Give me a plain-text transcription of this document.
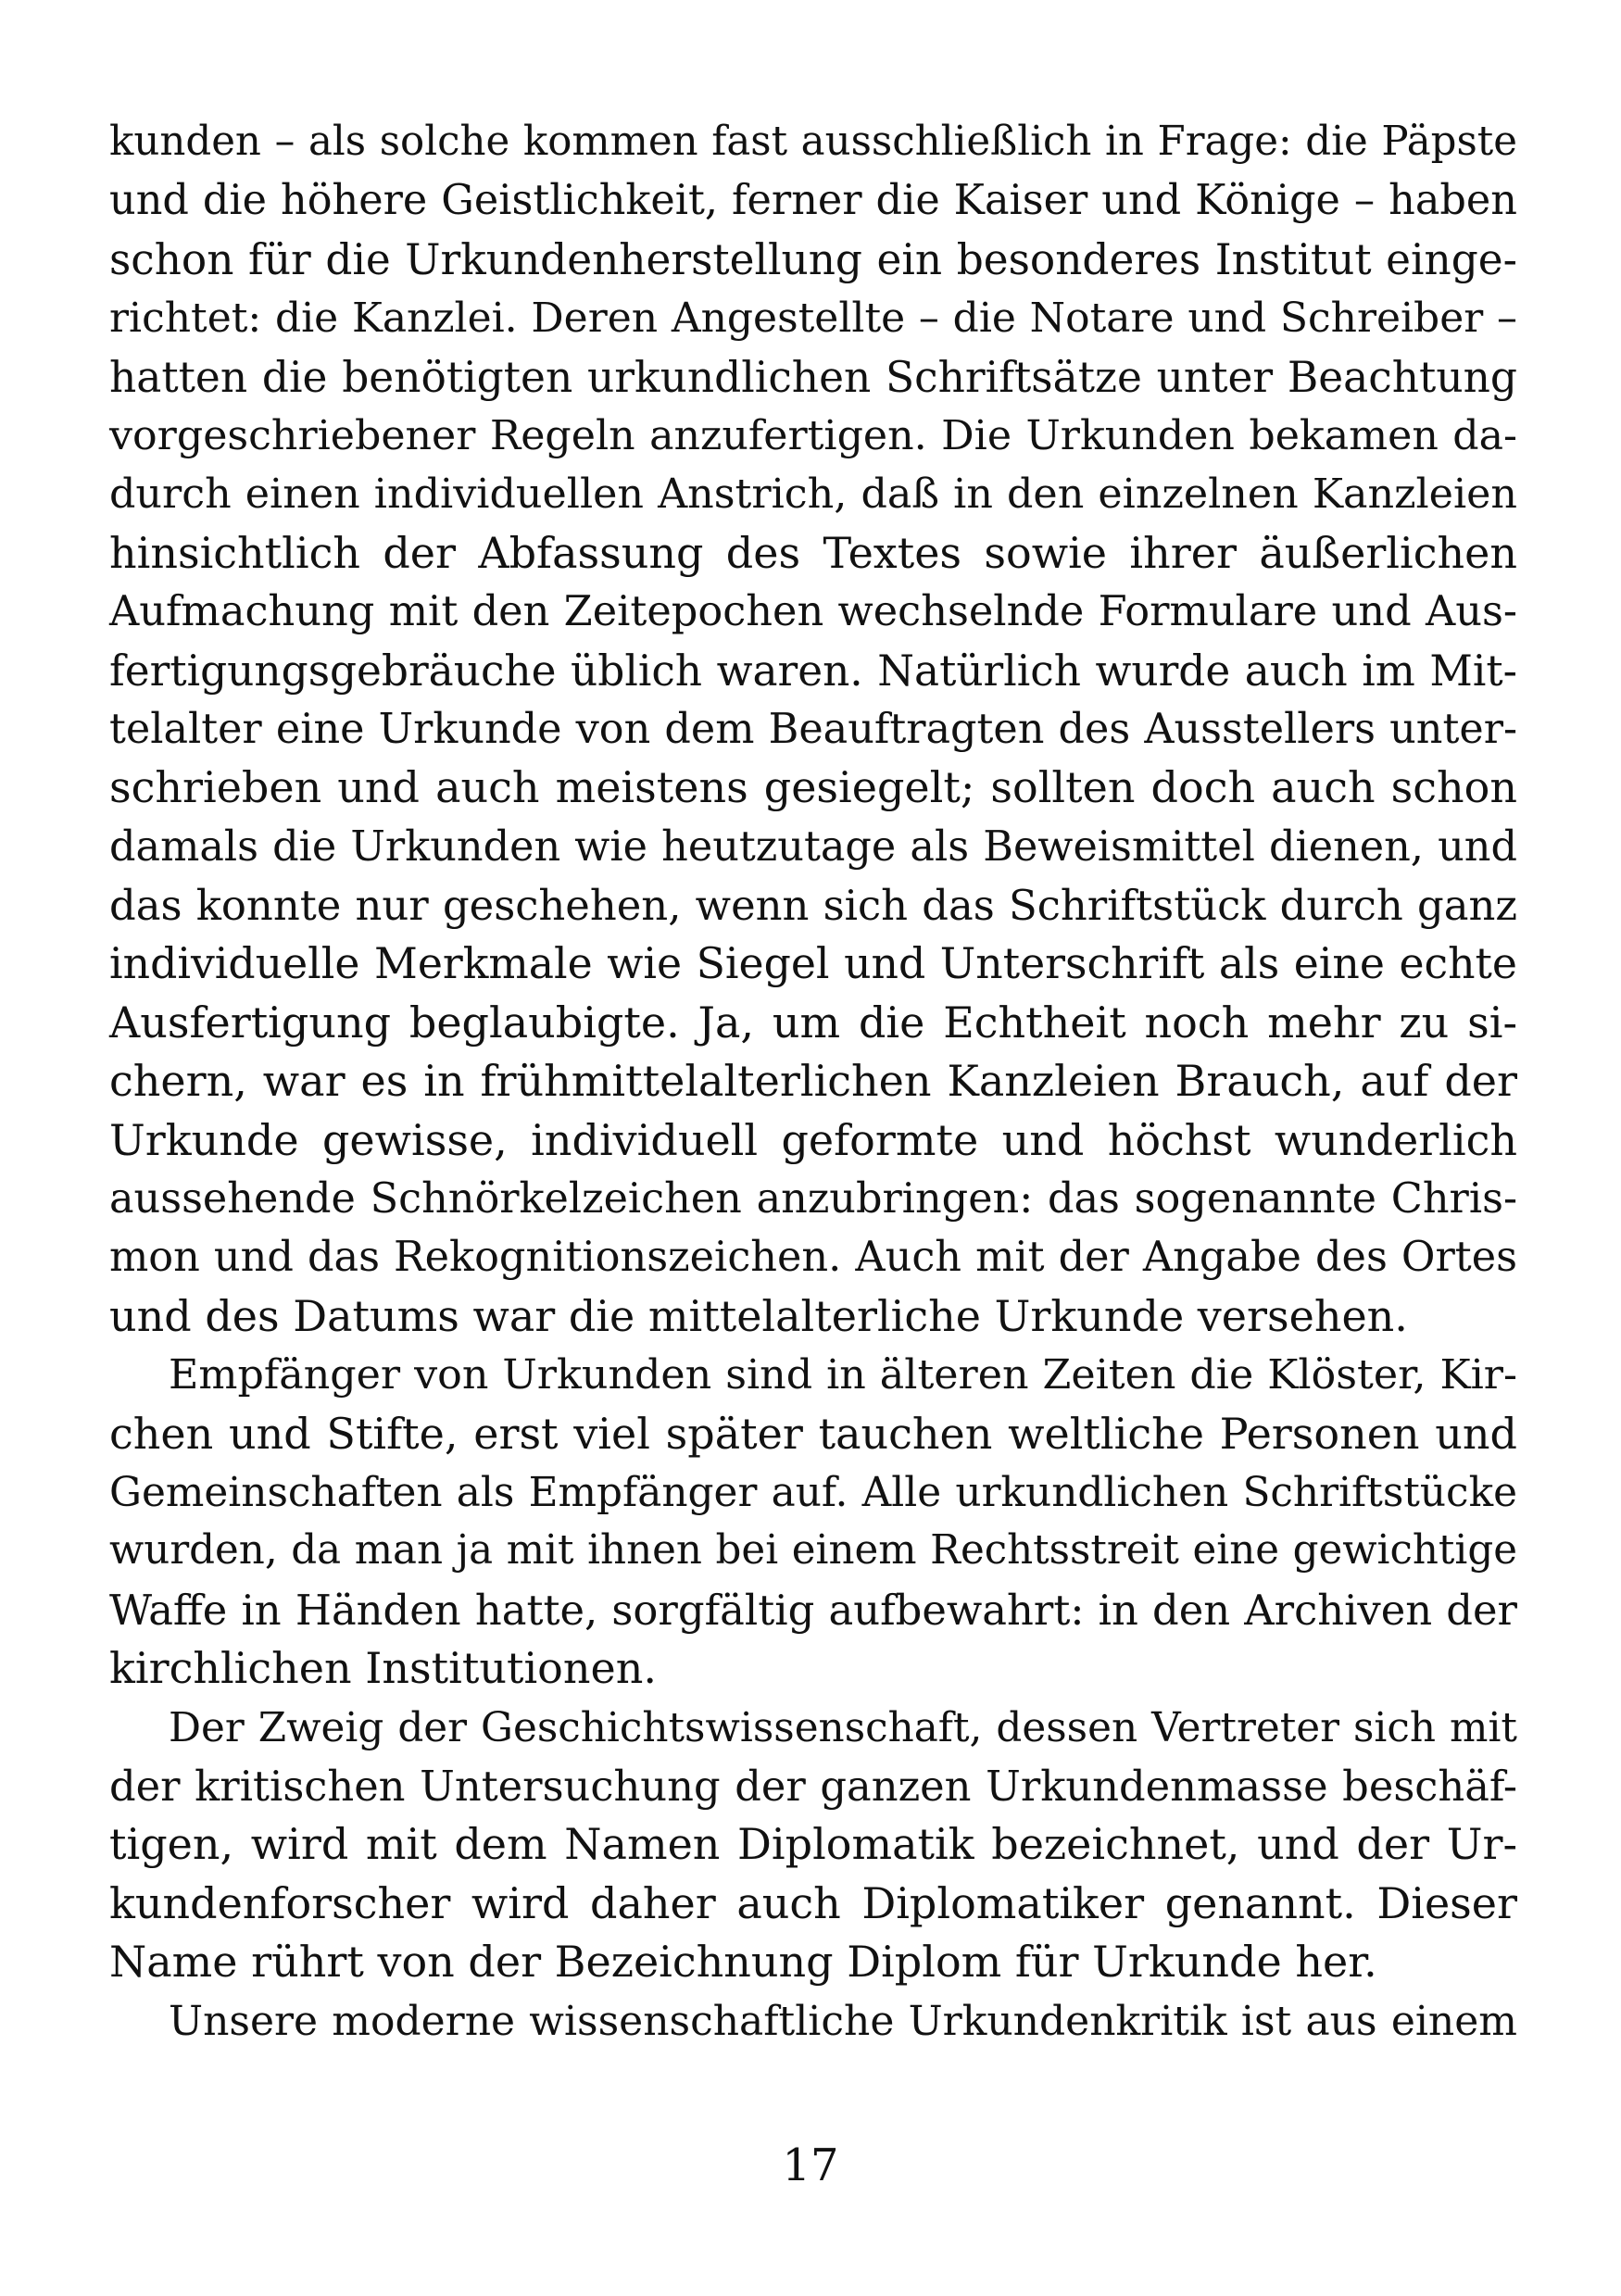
kunden – als solche kommen fast ausschließlich in Frage: die Päpste
und die höhere Geistlichkeit, ferner die Kaiser und Könige – haben
schon für die Urkundenherstellung ein besonderes Institut einge-
richtet: die Kanzlei. Deren Angestellte – die Notare und Schreiber –
hatten die benötigten urkundlichen Schriftsätze unter Beachtung
vorgeschriebener Regeln anzufertigen. Die Urkunden bekamen da-
durch einen individuellen Anstrich, daß in den einzelnen Kanzleien
hinsichtlich der Abfassung des Textes sowie ihrer äußerlichen
Aufmachung mit den Zeitepochen wechselnde Formulare und Aus-
fertigungsgebräuche üblich waren. Natürlich wurde auch im Mit-
telalter eine Urkunde von dem Beauftragten des Ausstellers unter-
schrieben und auch meistens gesiegelt; sollten doch auch schon
damals die Urkunden wie heutzutage als Beweismittel dienen, und
das konnte nur geschehen, wenn sich das Schriftstück durch ganz
individuelle Merkmale wie Siegel und Unterschrift als eine echte
Ausfertigung beglaubigte. Ja, um die Echtheit noch mehr zu si-
chern, war es in frühmittelalterlichen Kanzleien Brauch, auf der
Urkunde gewisse, individuell geformte und höchst wunderlich
aussehende Schnörkelzeichen anzubringen: das sogenannte Chris-
mon und das Rekognitionszeichen. Auch mit der Angabe des Ortes
und des Datums war die mittelalterliche Urkunde versehen.
Empfänger von Urkunden sind in älteren Zeiten die Klöster, Kir-
chen und Stifte, erst viel später tauchen weltliche Personen und
Gemeinschaften als Empfänger auf. Alle urkundlichen Schriftstücke
wurden, da man ja mit ihnen bei einem Rechtsstreit eine gewichtige
Waffe in Händen hatte, sorgfältig aufbewahrt: in den Archiven der
kirchlichen Institutionen.
Der Zweig der Geschichtswissenschaft, dessen Vertreter sich mit
der kritischen Untersuchung der ganzen Urkundenmasse beschäf-
tigen, wird mit dem Namen Diplomatik bezeichnet, und der Ur-
kundenforscher wird daher auch Diplomatiker genannt. Dieser
Name rührt von der Bezeichnung Diplom für Urkunde her.
Unsere moderne wissenschaftliche Urkundenkritik ist aus einem
17
